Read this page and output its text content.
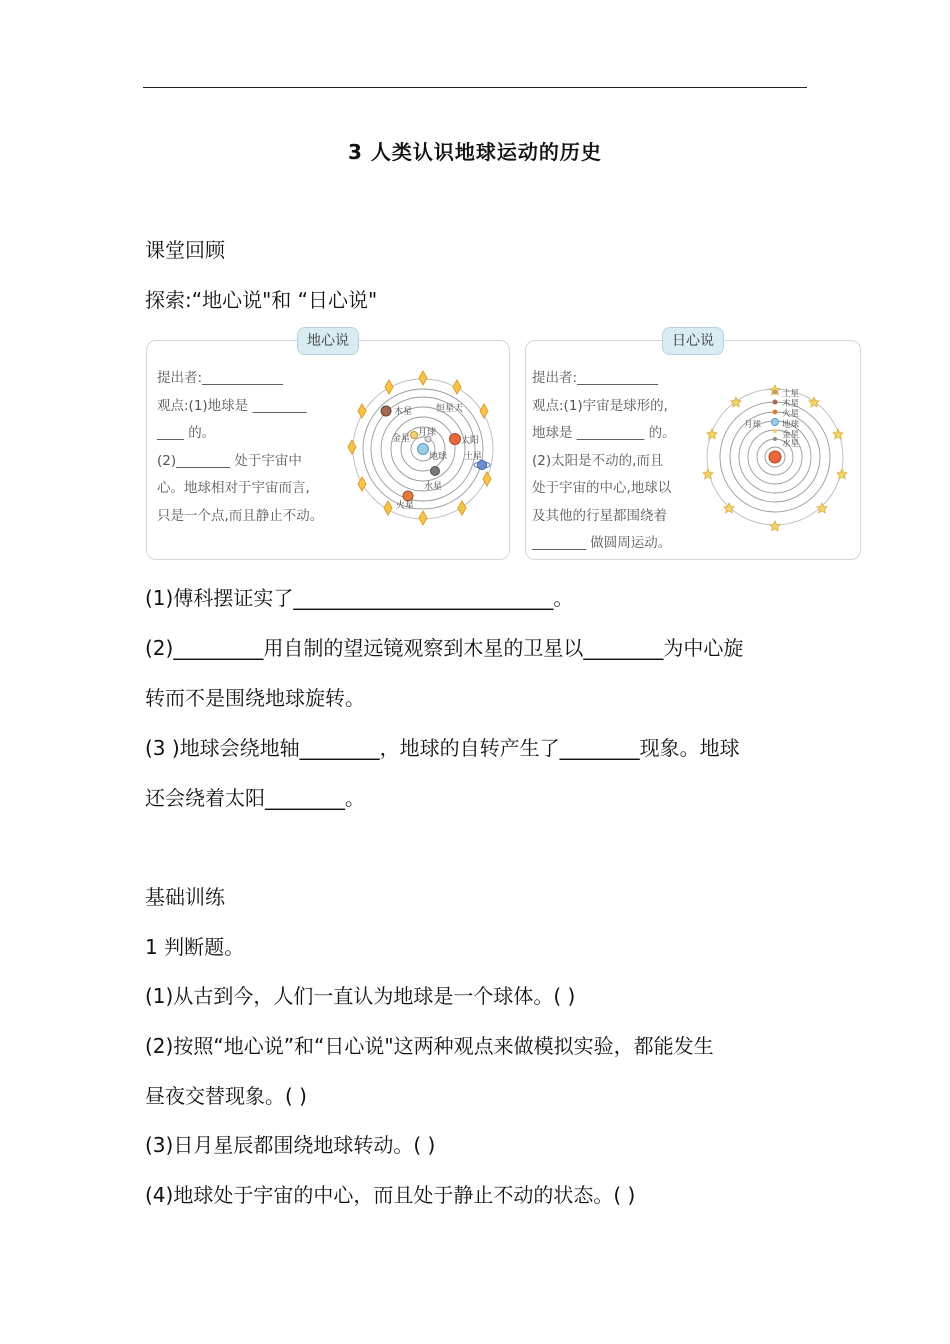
3 人类认识地球运动的历史
课堂回顾
探索:“地心说"和 “日心说"
地心说
提出者:____________
观点:(1)地球是 ________
____ 的。
(2)________ 处于宇宙中
心。地球相对于宇宙而言,
只是一个点,而且静止不动。
木星	恒星天
金星
月球
太阳
地球 土星
水星
火星
日心说
提出者:____________
观点:(1)宇宙是球形的,
地球是 __________ 的。
(2)太阳是不动的,而且
处于宇宙的中心,地球以
及其他的行星都围绕着
________ 做圆周运动。
土星
木星
火星
月球 地球
金星
水星
(1)傅科摆证实了__________________________。
(2)_________用自制的望远镜观察到木星的卫星以________为中心旋
转而不是围绕地球旋转。
(3 )地球会绕地轴________，地球的自转产生了________现象。地球
还会绕着太阳________。
基础训练
1 判断题。
(1)从古到今，人们一直认为地球是一个球体。( )
(2)按照“地心说”和“日心说"这两种观点来做模拟实验，都能发生
昼夜交替现象。( )
(3)日月星辰都围绕地球转动。( )
(4)地球处于宇宙的中心，而且处于静止不动的状态。( )
